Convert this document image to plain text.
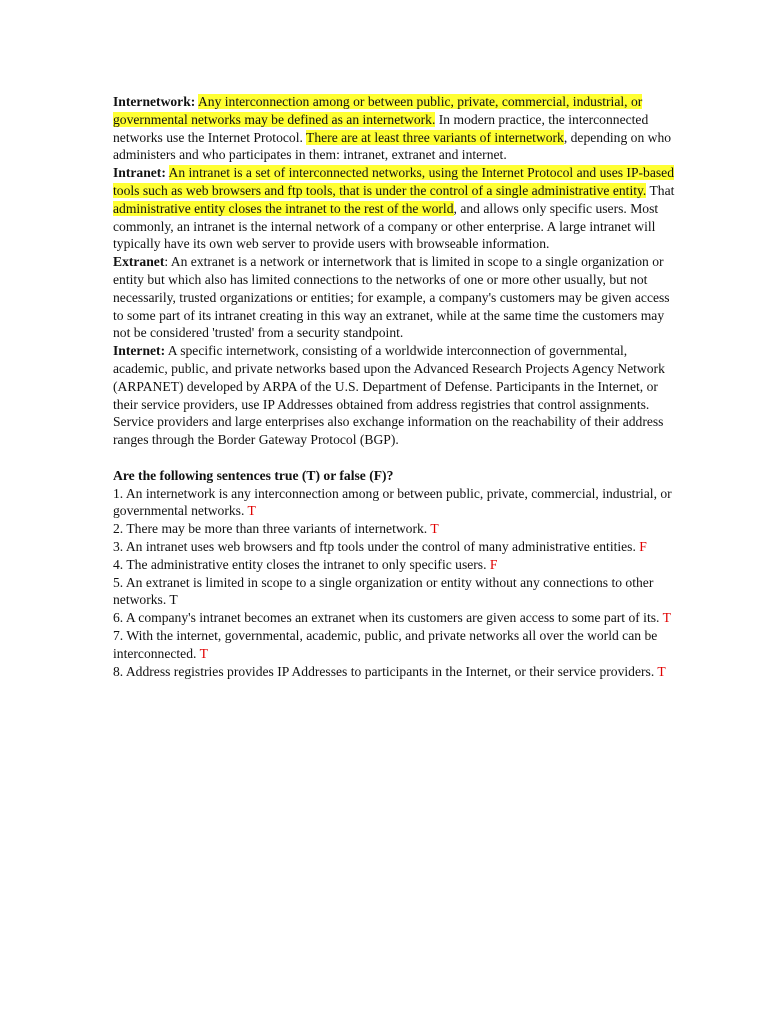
Internetwork: Any interconnection among or between public, private, commercial, industrial, or governmental networks may be defined as an internetwork. In modern practice, the interconnected networks use the Internet Protocol. There are at least three variants of internetwork, depending on who administers and who participates in them: intranet, extranet and internet.

Intranet: An intranet is a set of interconnected networks, using the Internet Protocol and uses IP-based tools such as web browsers and ftp tools, that is under the control of a single administrative entity. That administrative entity closes the intranet to the rest of the world, and allows only specific users. Most commonly, an intranet is the internal network of a company or other enterprise. A large intranet will typically have its own web server to provide users with browseable information.

Extranet: An extranet is a network or internetwork that is limited in scope to a single organization or entity but which also has limited connections to the networks of one or more other usually, but not necessarily, trusted organizations or entities; for example, a company's customers may be given access to some part of its intranet creating in this way an extranet, while at the same time the customers may not be considered 'trusted' from a security standpoint.

Internet: A specific internetwork, consisting of a worldwide interconnection of governmental, academic, public, and private networks based upon the Advanced Research Projects Agency Network (ARPANET) developed by ARPA of the U.S. Department of Defense. Participants in the Internet, or their service providers, use IP Addresses obtained from address registries that control assignments. Service providers and large enterprises also exchange information on the reachability of their address ranges through the Border Gateway Protocol (BGP).

Are the following sentences true (T) or false (F)?

1. An internetwork is any interconnection among or between public, private, commercial, industrial, or governmental networks. T

2. There may be more than three variants of internetwork. T

3. An intranet uses web browsers and ftp tools under the control of many administrative entities. F

4. The administrative entity closes the intranet to only specific users. F

5. An extranet is limited in scope to a single organization or entity without any connections to other networks. T

6. A company's intranet becomes an extranet when its customers are given access to some part of its. T

7. With the internet, governmental, academic, public, and private networks all over the world can be interconnected. T

8. Address registries provides IP Addresses to participants in the Internet, or their service providers. T
